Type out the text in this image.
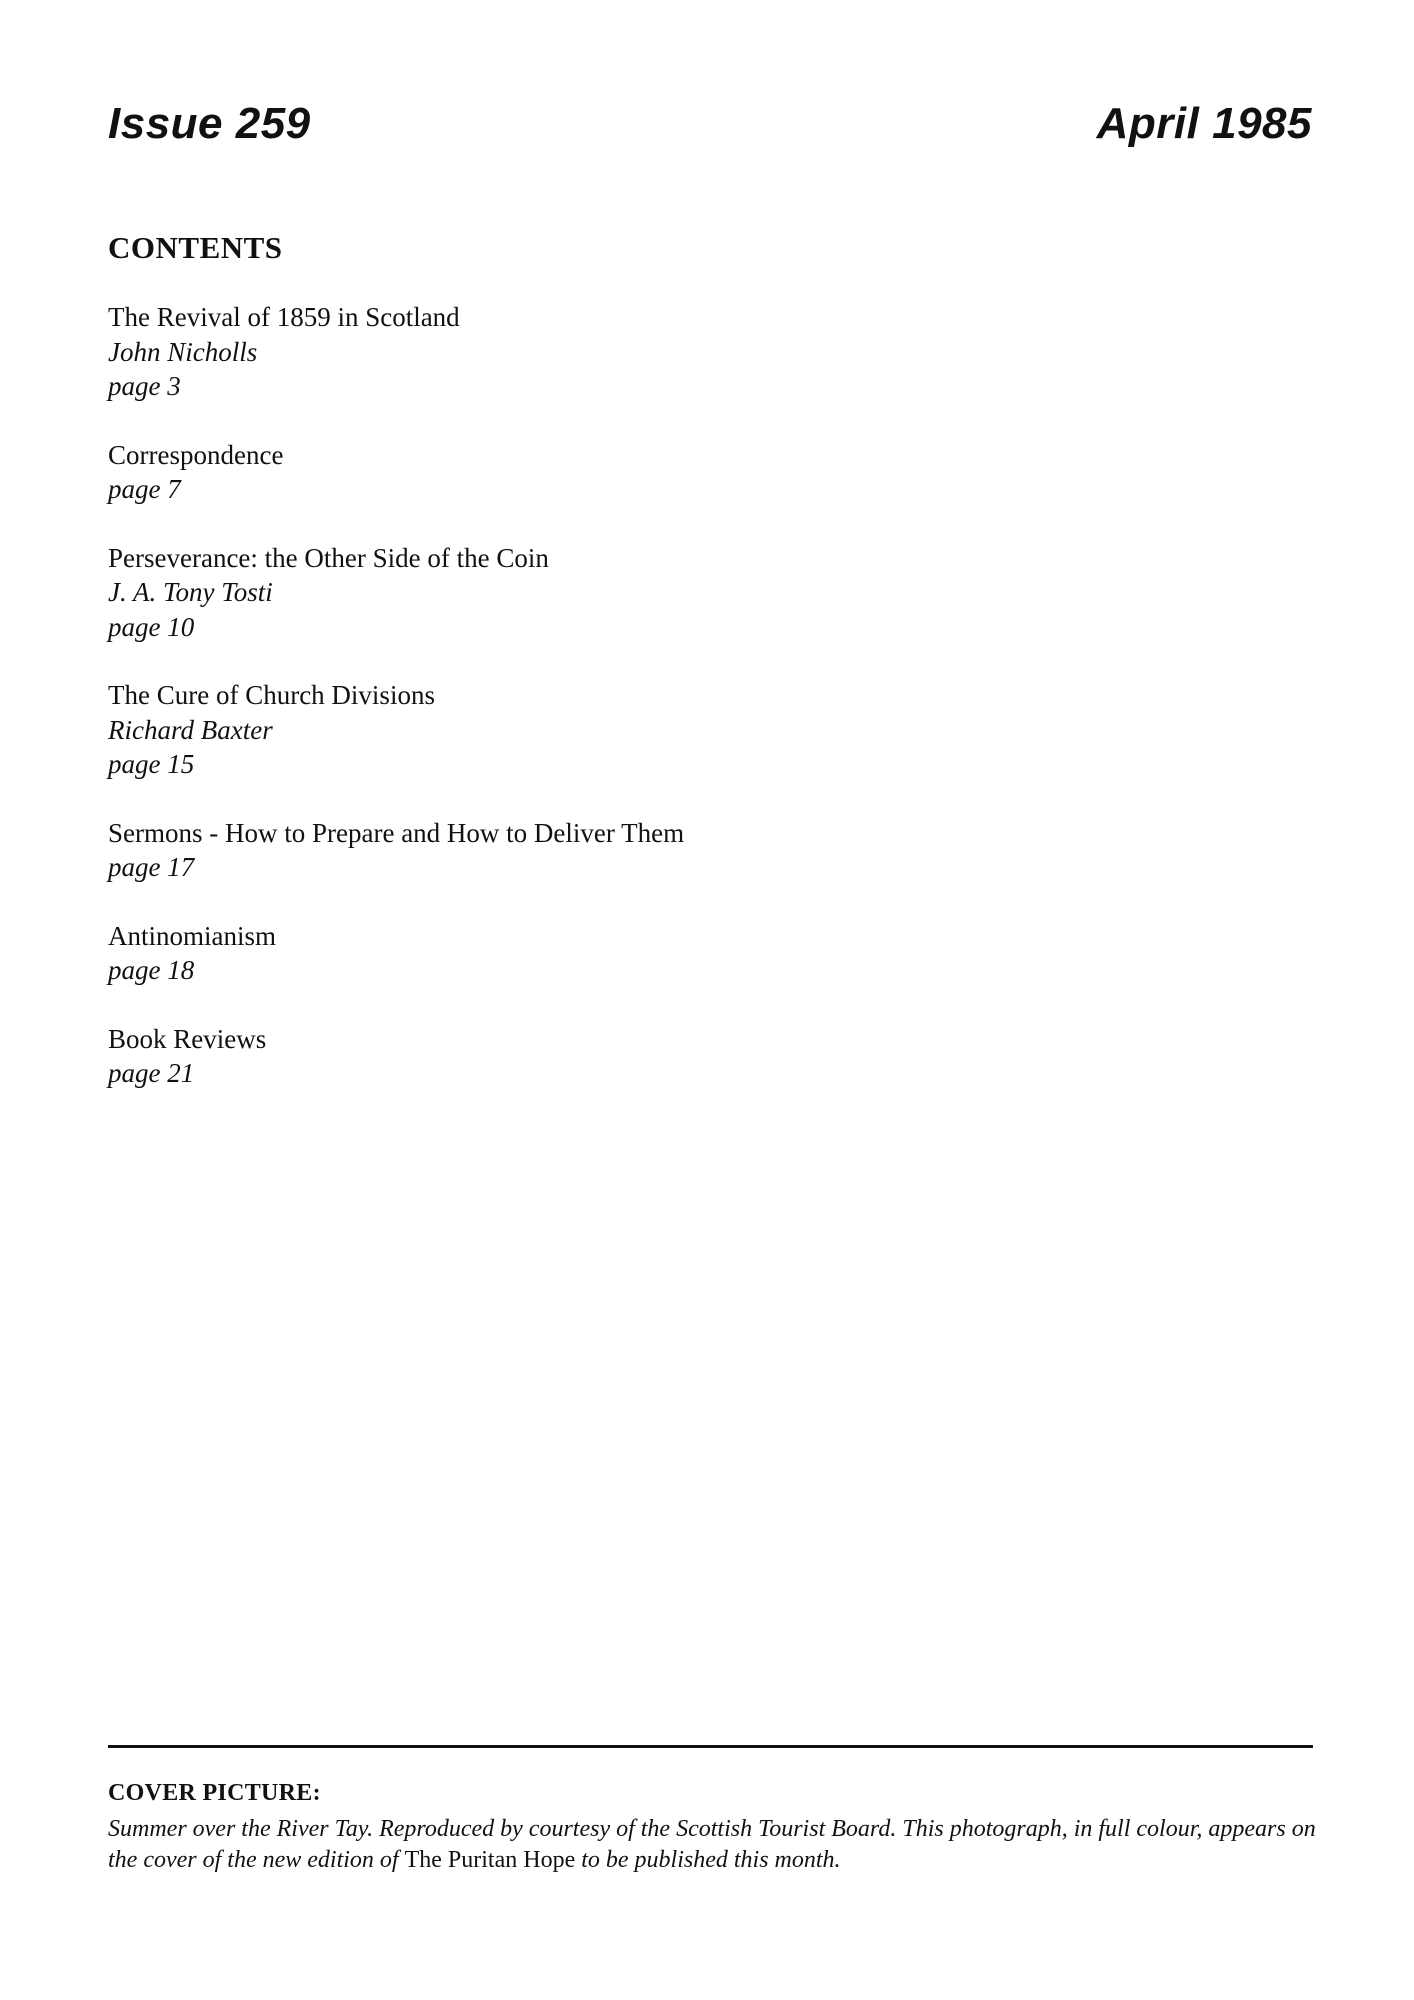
Issue 259	April 1985
CONTENTS
The Revival of 1859 in Scotland
John Nicholls
page 3
Correspondence
page 7
Perseverance: the Other Side of the Coin
J. A. Tony Tosti
page 10
The Cure of Church Divisions
Richard Baxter
page 15
Sermons - How to Prepare and How to Deliver Them
page 17
Antinomianism
page 18
Book Reviews
page 21
COVER PICTURE:
Summer over the River Tay. Reproduced by courtesy of the Scottish Tourist Board. This photograph, in full colour, appears on the cover of the new edition of The Puritan Hope to be published this month.
